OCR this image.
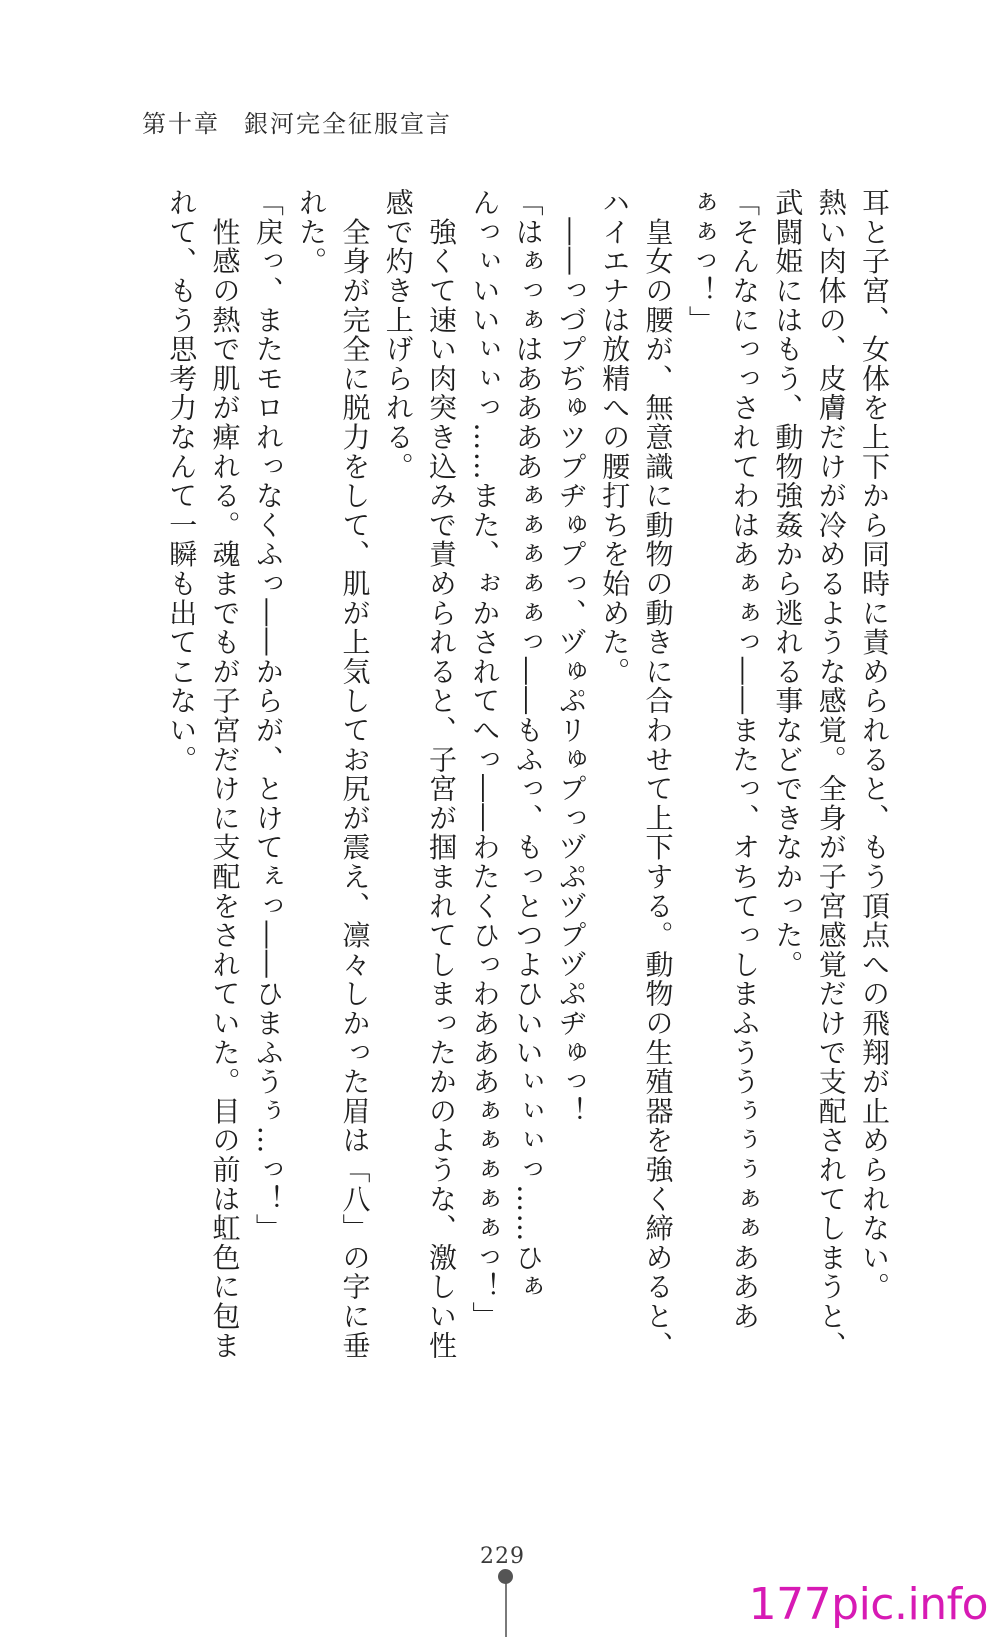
第十章 銀河完全征服宣言
耳と子宮、女体を上下から同時に責められると、もう頂点への飛翔が止められない。
熱い肉体の、皮膚だけが冷めるような感覚。全身が子宮感覚だけで支配されてしまうと、
武闘姫にはもう、動物強姦から逃れる事などできなかった。
「そんなにっっされてわはあぁぁっ――またっ、オちてっしまふううぅぅぅぁぁあああ
ぁぁっ！」
　皇女の腰が、無意識に動物の動きに合わせて上下する。動物の生殖器を強く締めると、
ハイエナは放精への腰打ちを始めた。
　――っづプぢゅツプヂゅプっ、ヅゅぷリゅプっヅぷヅプヅぷヂゅっ！
「はぁっぁはああああぁぁぁぁぁっ――もふっ、もっとつよひいいぃぃぃっ……ひぁ
んっぃいいぃぃっ……また、ぉかされてへっ――わたくひっわあああぁぁぁぁぁっ！」
　強くて速い肉突き込みで責められると、子宮が掴まれてしまったかのような、激しい性
感で灼き上げられる。
　全身が完全に脱力をして、肌が上気してお尻が震え、凛々しかった眉は「八」の字に垂
れた。
「戻っ、またモロれっなくふっ――からが、とけてぇっ――ひまふうぅ…っ！」
　性感の熱で肌が痺れる。魂までもが子宮だけに支配をされていた。目の前は虹色に包ま
れて、もう思考力なんて一瞬も出てこない。
229
177pic.info
